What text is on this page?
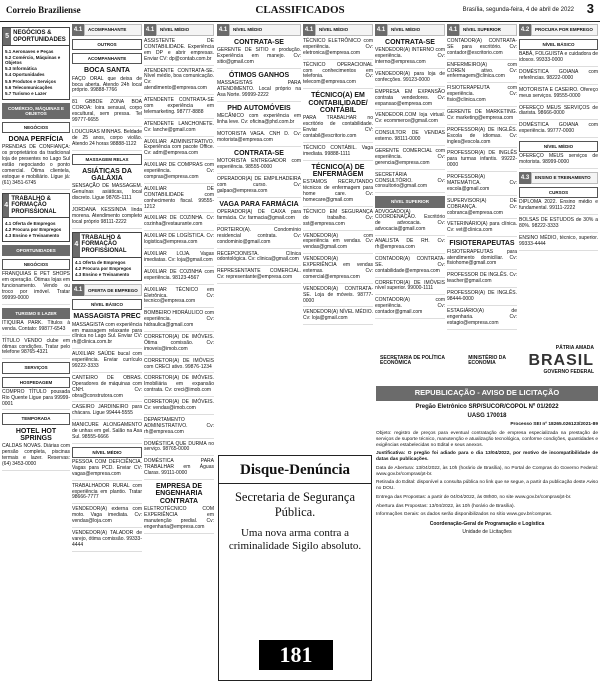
Correio Braziliense	CLASSIFICADOS	Brasília, segunda-feira, 4 de abril de 2022 3
5 NEGÓCIOS & OPORTUNIDADES
5.1 Aeronaves e Peças
5.2 Comércio, Máquinas e Objetos
5.3 Informática
5.4 Oportunidades
5.5 Produtos e Serviços
5.6 Telecomunicações
5.7 Turismo e Lazer
COMÉRCIO, MÁQUINAS E OBJETOS
NEGÓCIOS
DONA PERFÍCIA
PRENDAS DE CONFIANÇA: os proprietários da tradicional loja de presentes no Lago Sul estão negociando o ponto comercial. Ótima clientela, estoque e mobiliário. Ligue já: (61) 3451-6745
4
TRABALHO & FORMAÇÃO PROFISSIONAL
4.1 Oferta de Empregos
4.2 Procura por Empregos
4.3 Ensino e Treinamento
OPORTUNIDADES
NEGÓCIOS
FRANQUIAS E PET SHOPS em operação. Ótimas lojas em funcionamento. Vendo ou troco por imóvel. Tratar 99999-0000
TURISMO E LAZER
ITIQUIRA PARK. Títulos à venda. Contato: 99877-6543
TÍTULO VENDO clube em ótimas condições. Tratar pelo telefone 98765-4321
SERVIÇOS
HOSPEDAGEM
COMPRO TÍTULO pousada Rio Quente Ligue para 99999-0001
TEMPORADA
HOTEL HOT SPRINGS
CALDAS NOVAS. Diárias com pensão completa, piscinas termais e lazer. Reservas: (64) 3453-0000
4.1	ACOMPANHANTE
OUTROS
ACOMPANHANTE
BOCA SANTA
FAÇO ORAL que deixa de boca aberta. Atendo 24h local próprio. 99888-7766
81 GBBDE ZONA BOA COROA: loira sensual, corpo escultural, sem pressa. Tel 99777-6655
LOUCURAS MINHAS. Beldade de 25 anos, corpo violão. Atendo 24 horas 98888-1122
MASSAGEM RELAX
ASIÁTICAS DA GALÁXIA
SENSAÇÃO DE MASSAGEM. Genuínas asiáticas, local discreto. Ligue 98765-1111
JORDANA KESSINDA linda morena. Atendimento completo local próprio 98111-2222
4
TRABALHO & FORMAÇÃO PROFISSIONAL
4.1 Oferta de Empregos
4.2 Procura por Empregos
4.3 Ensino e Treinamento
4.1	OFERTA DE EMPREGO
NÍVEL BÁSICO
MASSAGISTA PREC
MASSAGISTA com experiência em massagem relaxante para clínica no Lago Sul. Enviar CV: rh@clinica.com.br
AUXILIAR SAÚDE bucal com experiência. Enviar currículo 99222-3333
CANTEIRO DE OBRAS. Operadores de máquinas com CNH. Cv: obra@construtora.com
CASEIRO JARDINEIRO para chácara. Ligue 99444-5555
MANICURE ALONGAMENTO de unhas em gel. Salão na Asa Sul. 98555-6666
NÍVEL MÉDIO
PESSOA COM DEFICIÊNCIA. Vagas para PCD. Enviar CV: vagas@empresa.com
TRABALHADOR RURAL com experiência em plantio. Tratar 98666-7777
VENDEDOR(A) externa com moto. Vaga imediata. Cv: vendas@loja.com
VENDEDOR(A) TALADOR de varejo, ótima comissão. 99333-4444
4.1	NÍVEL MÉDIO
ASSISTENTE DE CONTABILIDADE. Experiência em DP e abrir empresas. Enviar CV: dp@contab.com.br
ATENDENTE CONTRATA-SE. Nível médio, boa comunicação. Cv: atendimento@empresa.com
ATENDENTE CONTRATA-SE com experiência em telemarketing. 98777-8888
ATENDENTE LANCHONETE. Cv: lanche@gmail.com
AUXILIAR ADMINISTRATIVO. Experiência com pacote Office. Cv: adm@empresa.com
AUXILIAR DE COMPRAS com experiência. Cv: compras@empresa.com
AUXILIAR DE CONTABILIDADE com conhecimento fiscal. 99555-1212
AUXILIAR DE COZINHA. Cv: cozinha@restaurante.com
AUXILIAR DE LOGÍSTICA. Cv: logistica@empresa.com
AUXILIAR LOJA. Vagas imediatas. Cv: loja@gmail.com
AUXILIAR DE COZINHA com experiência. 98123-4567
AUXILIAR TÉCNICO em Eletrônica. Cv: tecnico@empresa.com
BOMBEIRO HIDRÁULICO com experiência. Cv: hidraulica@gmail.com
CORRETOR(A) DE IMÓVEIS. Ótima comissão. Cv: imoveis@imob.com
CORRETOR(A) DE IMÓVEIS com CRECI ativo. 99876-1234
CORRETOR(A) DE IMÓVEIS. Imobiliária em expansão contrata. Cv: creci@imob.com
CORRETOR(A) DE IMÓVEIS. Cv: vendas@imob.com
DEPARTAMENTO ADMINISTRATIVO. Cv: rh@empresa.com
DOMÉSTICA QUE DURMA no serviço. 98765-0000
DOMÉSTICA PARA TRABALHAR em Águas Claras. 99111-0000
EMPRESA DE ENGENHARIA CONTRATA
ELETROTÉCNICO COM EXPERIÊNCIA em manutenção predial. Cv: engenharia@empresa.com
4.1	NÍVEL MÉDIO
CONTRATA-SE
GERENTE DE SITIO e produção. Experiência em manejo. Cv: sitio@gmail.com
ÓTIMOS GANHOS
MASSAGISTAS PARA ATENDIMENTO. Local próprio na Asa Norte. 99999-2222
PHD AUTOMÓVEIS
MECÂNICO com experiência em linha leve. Cv: oficina@phd.com.br
MOTORISTA VAGA. CNH D. Cv: motorista@empresa.com
CONTRATA-SE
MOTORISTA ENTREGADOR com experiência. 98555-0000
OPERADOR(A) DE EMPILHADEIRA com curso. Cv: galpao@empresa.com
VAGA PARA FARMÁCIA
OPERADOR(A) DE CAIXA para farmácia. Cv: farmacia@gmail.com
PORTEIRO(A). Condomínio residencial contrata. Cv: condominio@gmail.com
RECEPCIONISTA. Clínica odontológica. Cv: clinica@gmail.com
REPRESENTANTE COMERCIAL. Cv: representante@empresa.com
4.1	NÍVEL MÉDIO
TÉCNICO ELETRÔNICO com experiência. Cv: eletronica@empresa.com
TÉCNICO OPERACIONAL com conhecimentos em telefonia. Cv: telecom@empresa.com
TÉCNICO(A) EM CONTABILIDADE/ CONTÁBIL
PARA TRABALHAR no escritório de contabilidade. Enviar CV: contabil@escritorio.com
TÉCNICO CONTÁBIL. Vaga imediata. 99888-1111
TÉCNICO(A) DE ENFERMAGEM
ESTAMOS RECRUTANDO técnicos de enfermagem para home care. Cv: homecare@gmail.com
TÉCNICO EM SEGURANÇA do trabalho. Cv: sst@empresa.com
VENDEDOR(A) com experiência em vendas. Cv: vendas@gmail.com
VENDEDOR(A) EXPERIÊNCIA em vendas externas. Cv: comercial@empresa.com
VENDEDOR(A) CONTRATA-SE. Loja de móveis. 98777-0000
VENDEDOR(A) NÍVEL MÉDIO. Cv: loja@gmail.com
4.1	NÍVEL MÉDIO
CONTRATA-SE
VENDEDOR(A) INTERNO com experiência. Cv: interno@empresa.com
VENDEDOR(A) para loja de confecções. 99123-0000
EMPRESA EM EXPANSÃO contrata vendedores. Cv: expansao@empresa.com
VENDEDOR.COM loja virtual. Cv: ecommerce@gmail.com
CONSULTOR DE VENDAS externo. 98111-0000
GERENTE COMERCIAL com experiência. Cv: gerencia@empresa.com
SECRETÁRIA CONSULTÓRIO. Cv: consultorio@gmail.com
NÍVEL SUPERIOR
ADVOGADO(A) COORDENAÇÃO. Escritório de advocacia. Cv: advocacia@gmail.com
ANALISTA DE RH. Cv: rh@empresa.com
CONTADOR(A) CONTRATA-SE. Cv: contabilidade@empresa.com
CORRETOR(A) DE IMÓVEIS nível superior. 99000-1111
CONTADOR(A) com experiência. Cv: contador@gmail.com
4.1	NÍVEL SUPERIOR
CONTADOR(A) CONTRATA-SE para escritório. Cv: contador@escritorio.com
ENFERMEIRO(A) com COREN ativo. Cv: enfermagem@clinica.com
FISIOTERAPEUTA com experiência. Cv: fisio@clinica.com
GERENTE DE MARKETING. Cv: marketing@empresa.com
PROFESSOR(A) DE INGLÊS. Escola de idiomas. Cv: ingles@escola.com
PROFESSOR(A) DE INGLÊS para turmas infantis. 99222-0000
PROFESSOR(A) MATEMÁTICA. Cv: escola@gmail.com
SUPERVISOR(A) DE COBRANÇA. Cv: cobranca@empresa.com
VETERINÁRIO(A) para clínica. Cv: vet@clinica.com
FISIOTERAPEUTAS
FISIOTERAPEUTAS para atendimento domiciliar. Cv: fisiohome@gmail.com
PROFESSOR DE INGLÊS. Cv: teacher@gmail.com
PROFESSOR(A) DE INGLÊS. 98444-0000
ESTAGIÁRIO(A) de engenharia. Cv: estagio@empresa.com
4.2	PROCURA POR EMPREGO
NÍVEL BÁSICO
BABÁ, FOLGUISTA e cuidadora de idosos. 99333-0000
DOMÉSTICA GOIANA com referências. 98222-0000
MOTORISTA E CASEIRO. Ofereço meus serviços. 99555-0000
OFEREÇO MEUS SERVIÇOS de diarista. 98666-0000
DOMÉSTICA GOIANA com experiência. 99777-0000
NÍVEL MÉDIO
OFEREÇO MEUS serviços de motorista. 98999-0000
4.3	ENSINO E TREINAMENTO
CURSOS
DIPLOMA 2022. Ensino médio e fundamental. 99111-2222
BOLSAS DE ESTUDOS de 30% a 80%. 98222-3333
ENSINO MÉDIO, técnico, superior. 99333-4444
Disque-Denúncia
Secretaria de Segurança Pública.
Uma nova arma contra a criminalidade Sigilo absoluto.
181
SECRETARIA DE POLÍTICA ECONÔMICA
MINISTÉRIO DA ECONOMIA
PÁTRIA AMADA
BRASIL
GOVERNO FEDERAL
REPUBLICAÇÃO - AVISO DE LICITAÇÃO
Pregão Eletrônico SRP/SUCOR/COPOL Nº 01/2022
UASG 170018

Processo SEI nº 18265.026123/2021-89

Objeto: registro de preços para eventual contratação de empresa especializada na prestação de serviços de suporte técnico, manutenção e atualização tecnológica, conforme condições, quantidades e exigências estabelecidas no Edital e seus anexos.

Justificativa: O pregão foi adiado para o dia 13/04/2022, por motivo de incompatibilidade de datas das publicações.

Data de Abertura: 13/04/2022, às 10h (horário de Brasília), no Portal de Compras do Governo Federal: www.gov.br/compras/pt-br.

Retirada do Edital: disponível a consulta pública no link que se segue, a partir da publicação deste Aviso no DOU.

Entrega das Propostas: a partir de 04/04/2022, às 08h00, no site www.gov.br/compras/pt-br.

Abertura das Propostas: 13/04/2022, às 10h (horário de Brasília).

Informações Gerais: os dados serão disponibilizados no sítio www.gov.br/compras.

Coordenação-Geral de Programação e Logística
Unidade de Licitações
